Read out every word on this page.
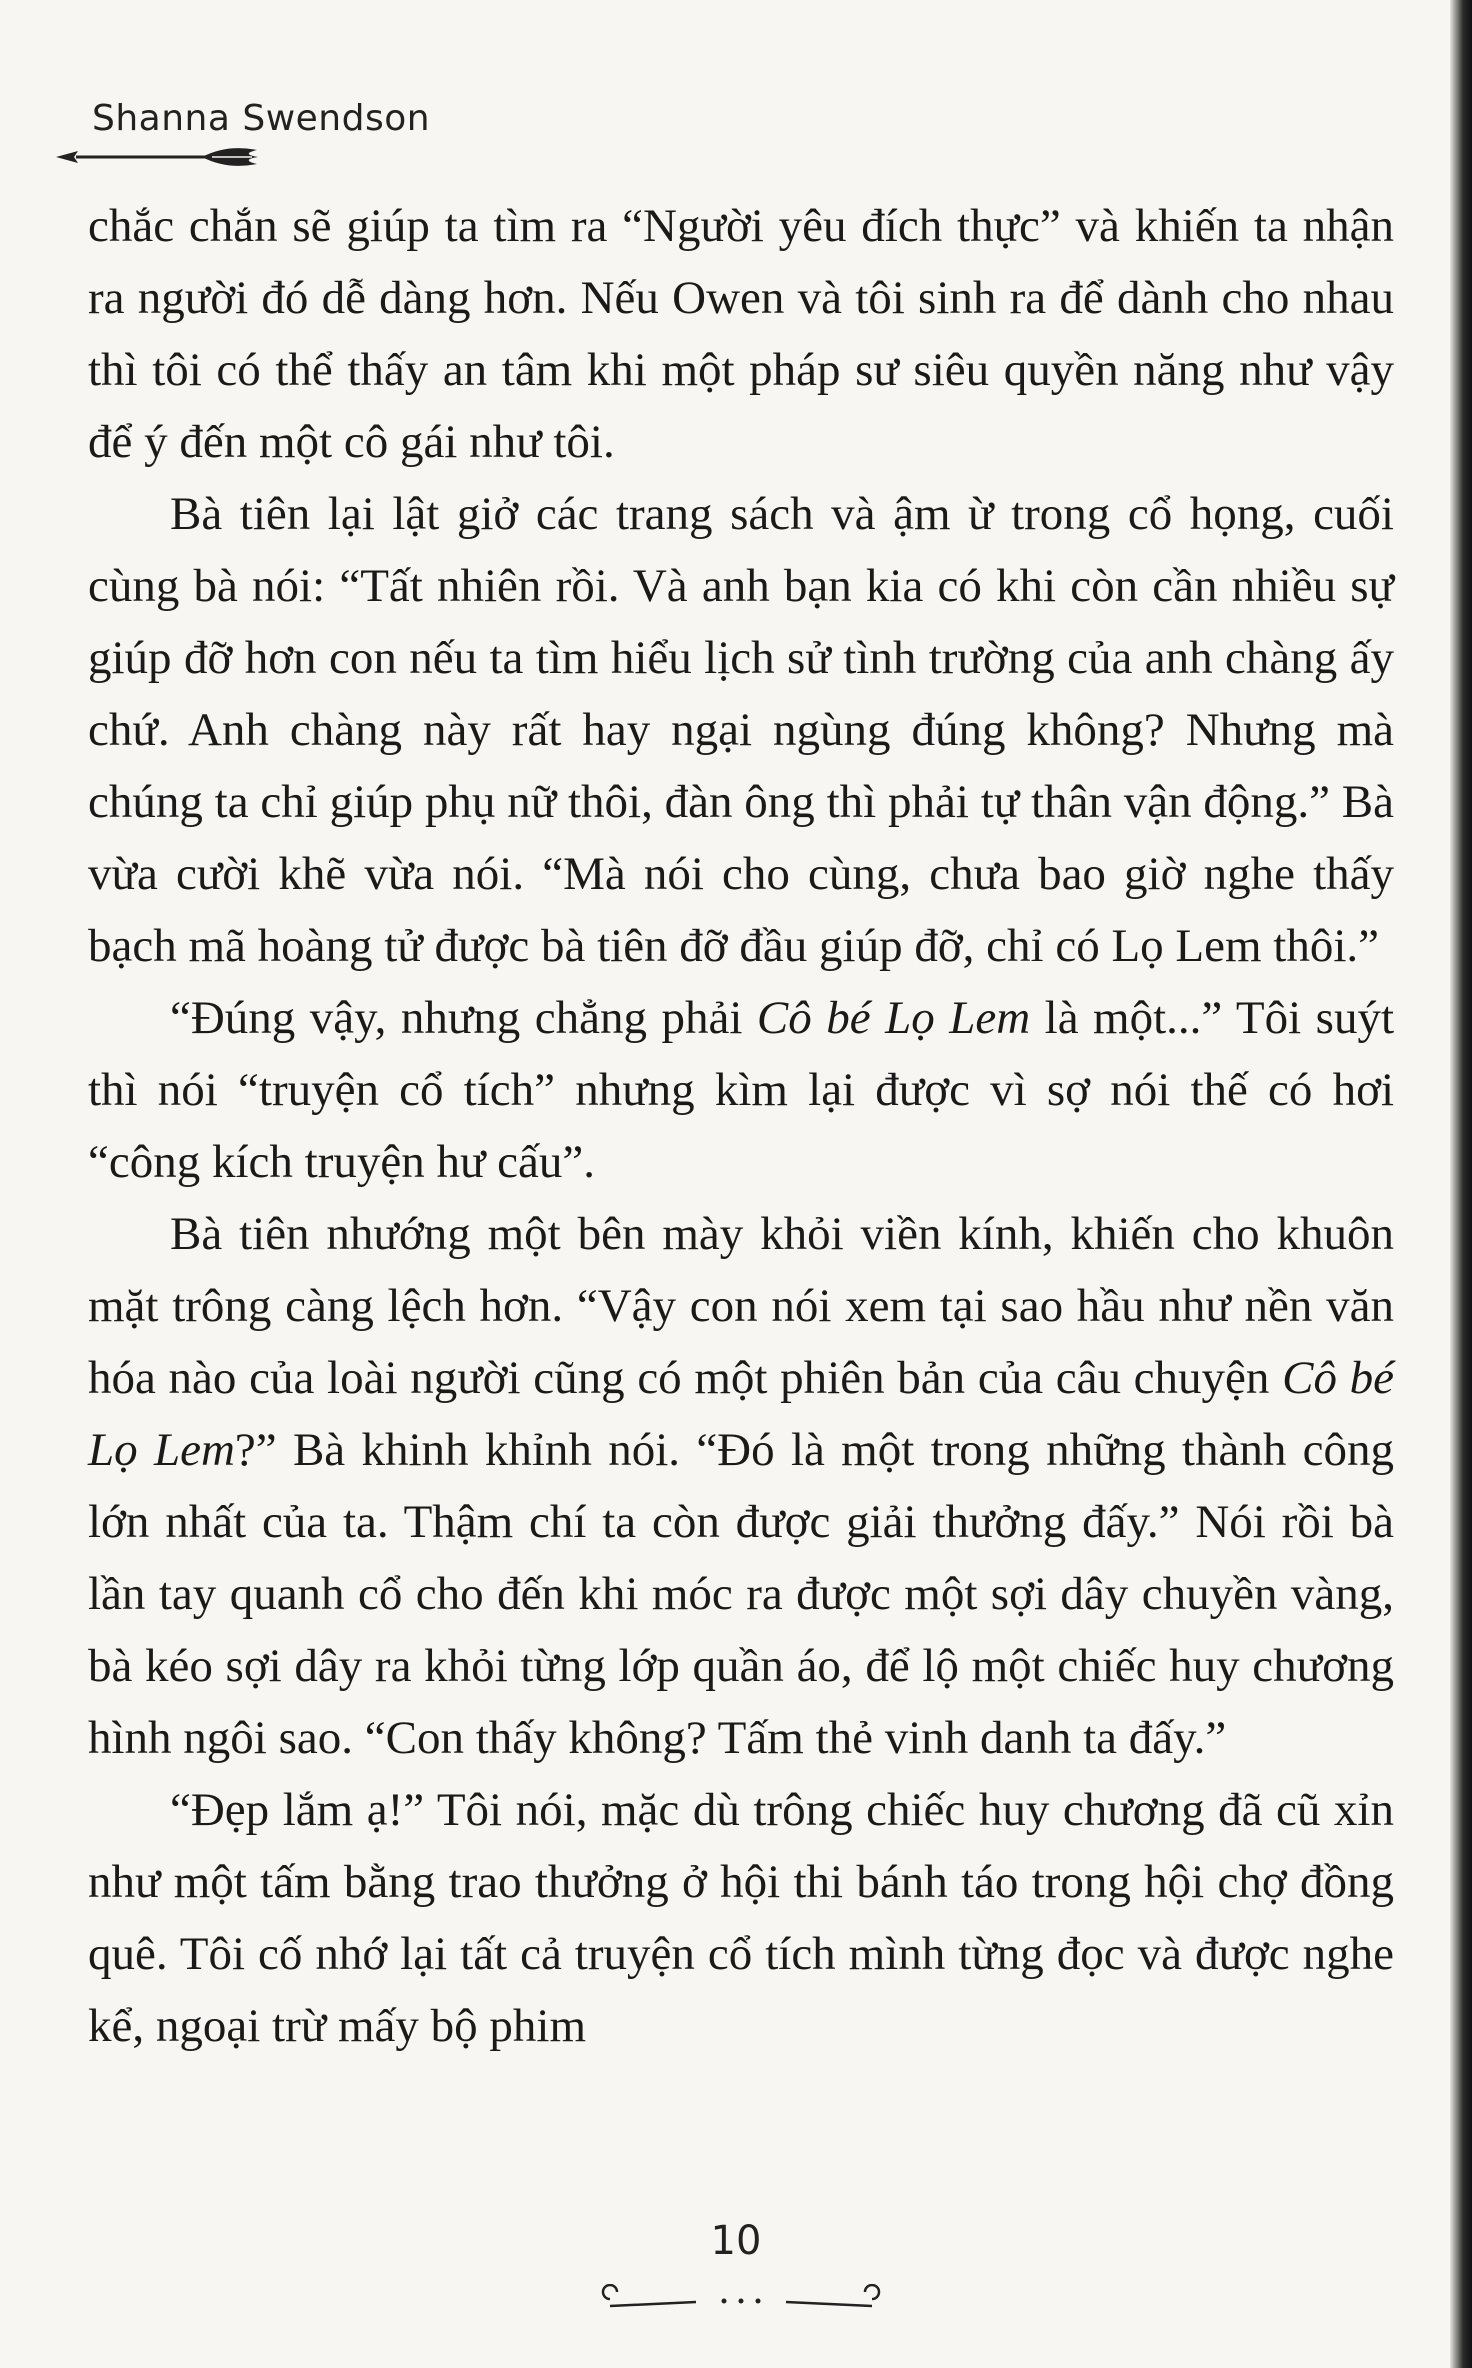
Shanna Swendson

chắc chắn sẽ giúp ta tìm ra “Người yêu đích thực” và khiến ta nhận ra người đó dễ dàng hơn. Nếu Owen và tôi sinh ra để dành cho nhau thì tôi có thể thấy an tâm khi một pháp sư siêu quyền năng như vậy để ý đến một cô gái như tôi.

Bà tiên lại lật giở các trang sách và ậm ừ trong cổ họng, cuối cùng bà nói: “Tất nhiên rồi. Và anh bạn kia có khi còn cần nhiều sự giúp đỡ hơn con nếu ta tìm hiểu lịch sử tình trường của anh chàng ấy chứ. Anh chàng này rất hay ngại ngùng đúng không? Nhưng mà chúng ta chỉ giúp phụ nữ thôi, đàn ông thì phải tự thân vận động.” Bà vừa cười khẽ vừa nói. “Mà nói cho cùng, chưa bao giờ nghe thấy bạch mã hoàng tử được bà tiên đỡ đầu giúp đỡ, chỉ có Lọ Lem thôi.”

“Đúng vậy, nhưng chẳng phải Cô bé Lọ Lem là một...” Tôi suýt thì nói “truyện cổ tích” nhưng kìm lại được vì sợ nói thế có hơi “công kích truyện hư cấu”.

Bà tiên nhướng một bên mày khỏi viền kính, khiến cho khuôn mặt trông càng lệch hơn. “Vậy con nói xem tại sao hầu như nền văn hóa nào của loài người cũng có một phiên bản của câu chuyện Cô bé Lọ Lem?” Bà khinh khỉnh nói. “Đó là một trong những thành công lớn nhất của ta. Thậm chí ta còn được giải thưởng đấy.” Nói rồi bà lần tay quanh cổ cho đến khi móc ra được một sợi dây chuyền vàng, bà kéo sợi dây ra khỏi từng lớp quần áo, để lộ một chiếc huy chương hình ngôi sao. “Con thấy không? Tấm thẻ vinh danh ta đấy.”

“Đẹp lắm ạ!” Tôi nói, mặc dù trông chiếc huy chương đã cũ xỉn như một tấm bằng trao thưởng ở hội thi bánh táo trong hội chợ đồng quê. Tôi cố nhớ lại tất cả truyện cổ tích mình từng đọc và được nghe kể, ngoại trừ mấy bộ phim

10
